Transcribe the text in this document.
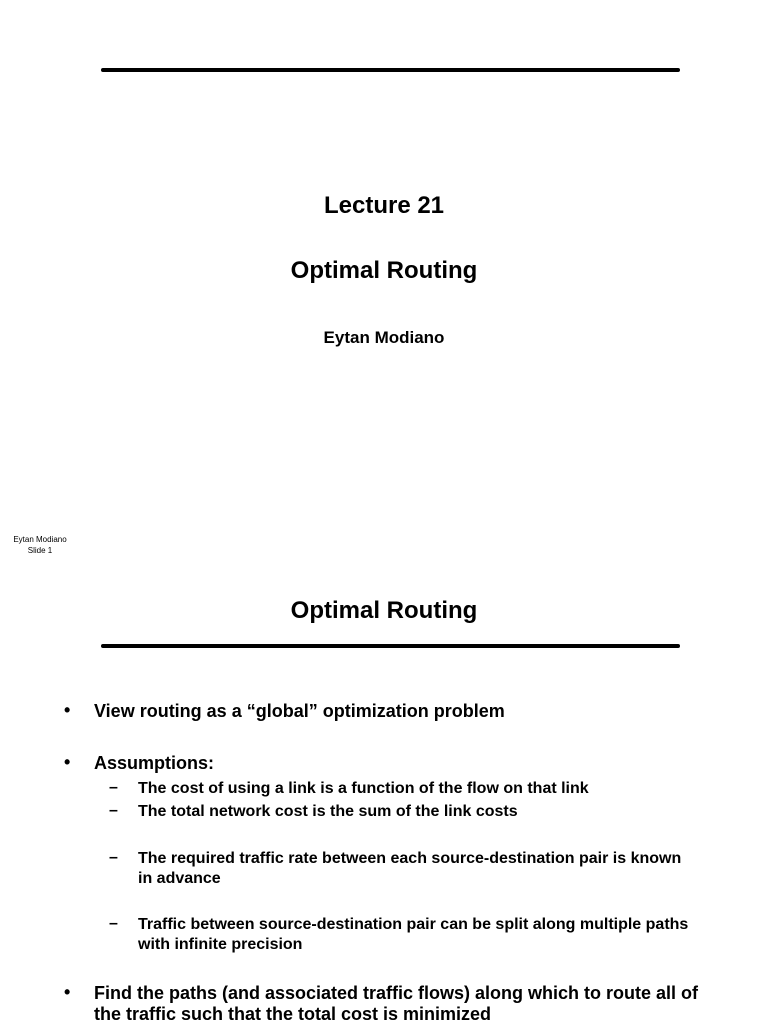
Lecture 21
Optimal Routing
Eytan Modiano
Eytan Modiano
Slide 1
Optimal Routing
• View routing as a “global” optimization problem
• Assumptions:
– The cost of using a link is a function of the flow on that link
– The total network cost is the sum of the link costs
– The required traffic rate between each source-destination pair is known in advance
– Traffic between source-destination pair can be split along multiple paths with infinite precision
• Find the paths (and associated traffic flows) along which to route all of the traffic such that the total cost is minimized
